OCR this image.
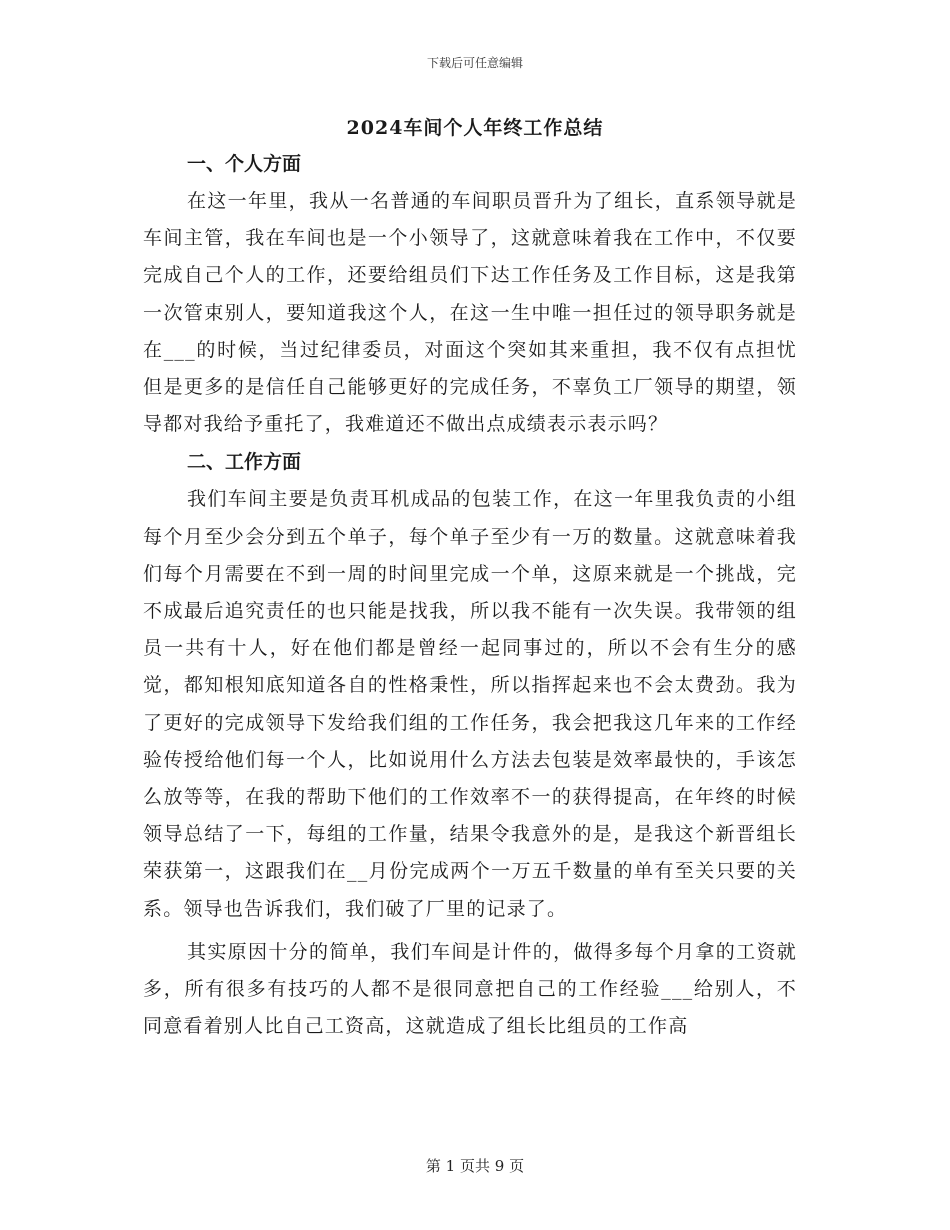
下载后可任意编辑
2024车间个人年终工作总结

一、个人方面

在这一年里，我从一名普通的车间职员晋升为了组长，直系领导就是车间主管，我在车间也是一个小领导了，这就意味着我在工作中，不仅要完成自己个人的工作，还要给组员们下达工作任务及工作目标，这是我第一次管束别人，要知道我这个人，在这一生中唯一担任过的领导职务就是在___的时候，当过纪律委员，对面这个突如其来重担，我不仅有点担忧但是更多的是信任自己能够更好的完成任务，不辜负工厂领导的期望，领导都对我给予重托了，我难道还不做出点成绩表示表示吗？

二、工作方面

我们车间主要是负责耳机成品的包装工作，在这一年里我负责的小组每个月至少会分到五个单子，每个单子至少有一万的数量。这就意味着我们每个月需要在不到一周的时间里完成一个单，这原来就是一个挑战，完不成最后追究责任的也只能是找我，所以我不能有一次失误。我带领的组员一共有十人，好在他们都是曾经一起同事过的，所以不会有生分的感觉，都知根知底知道各自的性格秉性，所以指挥起来也不会太费劲。我为了更好的完成领导下发给我们组的工作任务，我会把我这几年来的工作经验传授给他们每一个人，比如说用什么方法去包装是效率最快的，手该怎么放等等，在我的帮助下他们的工作效率不一的获得提高，在年终的时候领导总结了一下，每组的工作量，结果令我意外的是，是我这个新晋组长荣获第一，这跟我们在__月份完成两个一万五千数量的单有至关只要的关系。领导也告诉我们，我们破了厂里的记录了。

其实原因十分的简单，我们车间是计件的，做得多每个月拿的工资就多，所有很多有技巧的人都不是很同意把自己的工作经验___给别人，不同意看着别人比自己工资高，这就造成了组长比组员的工作高

第 1 页共 9 页
